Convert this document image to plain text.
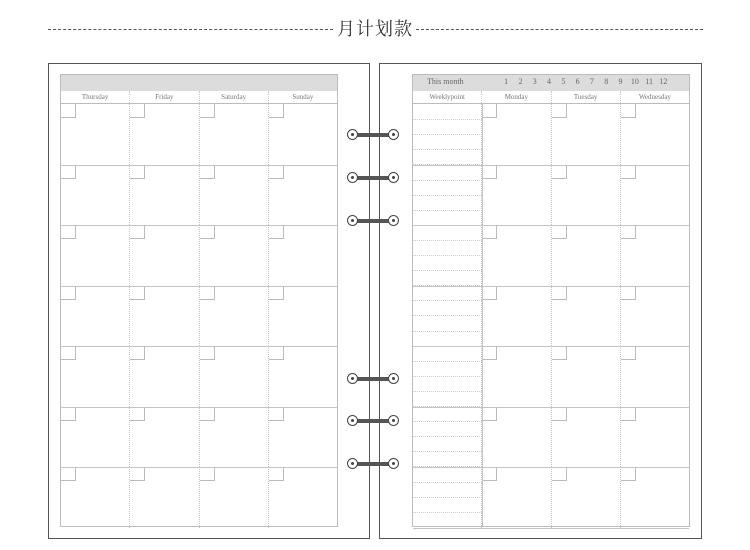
月计划款
Thursday	Friday	Saturday	Sunday
This month	1	2	3	4	5	6	7	8	9	10 11 12
Weeklypoint	Monday	Tuesday	Wednesday
